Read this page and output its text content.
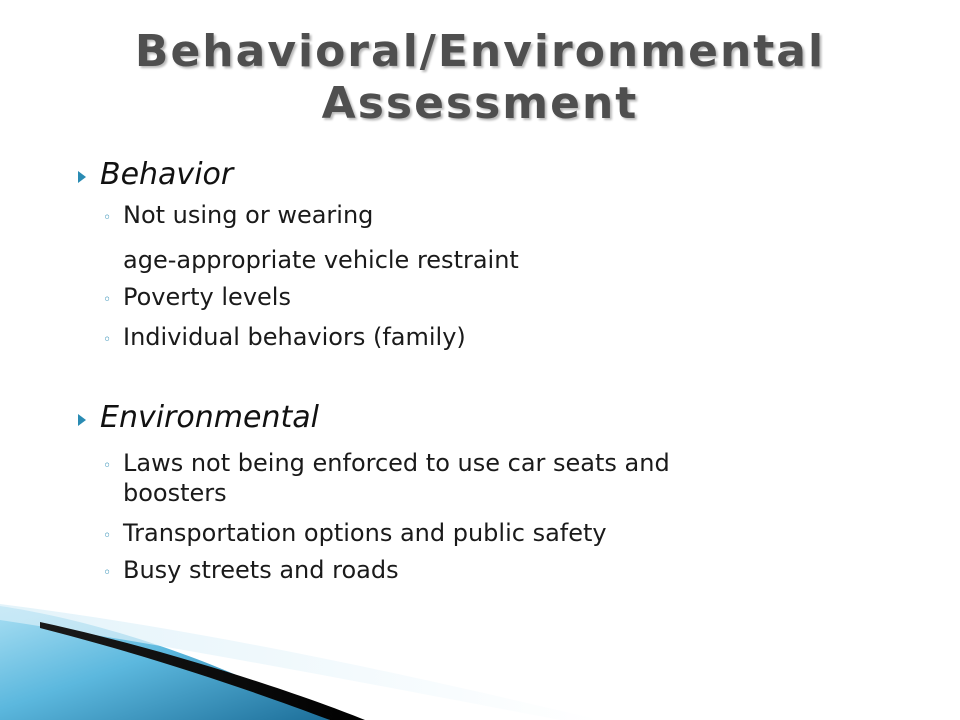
Behavioral/Environmental
Assessment
Behavior
◦ Not using or wearing
age-appropriate vehicle restraint
◦ Poverty levels
◦ Individual behaviors (family)
Environmental
◦ Laws not being enforced to use car seats and
boosters
◦ Transportation options and public safety
◦ Busy streets and roads
